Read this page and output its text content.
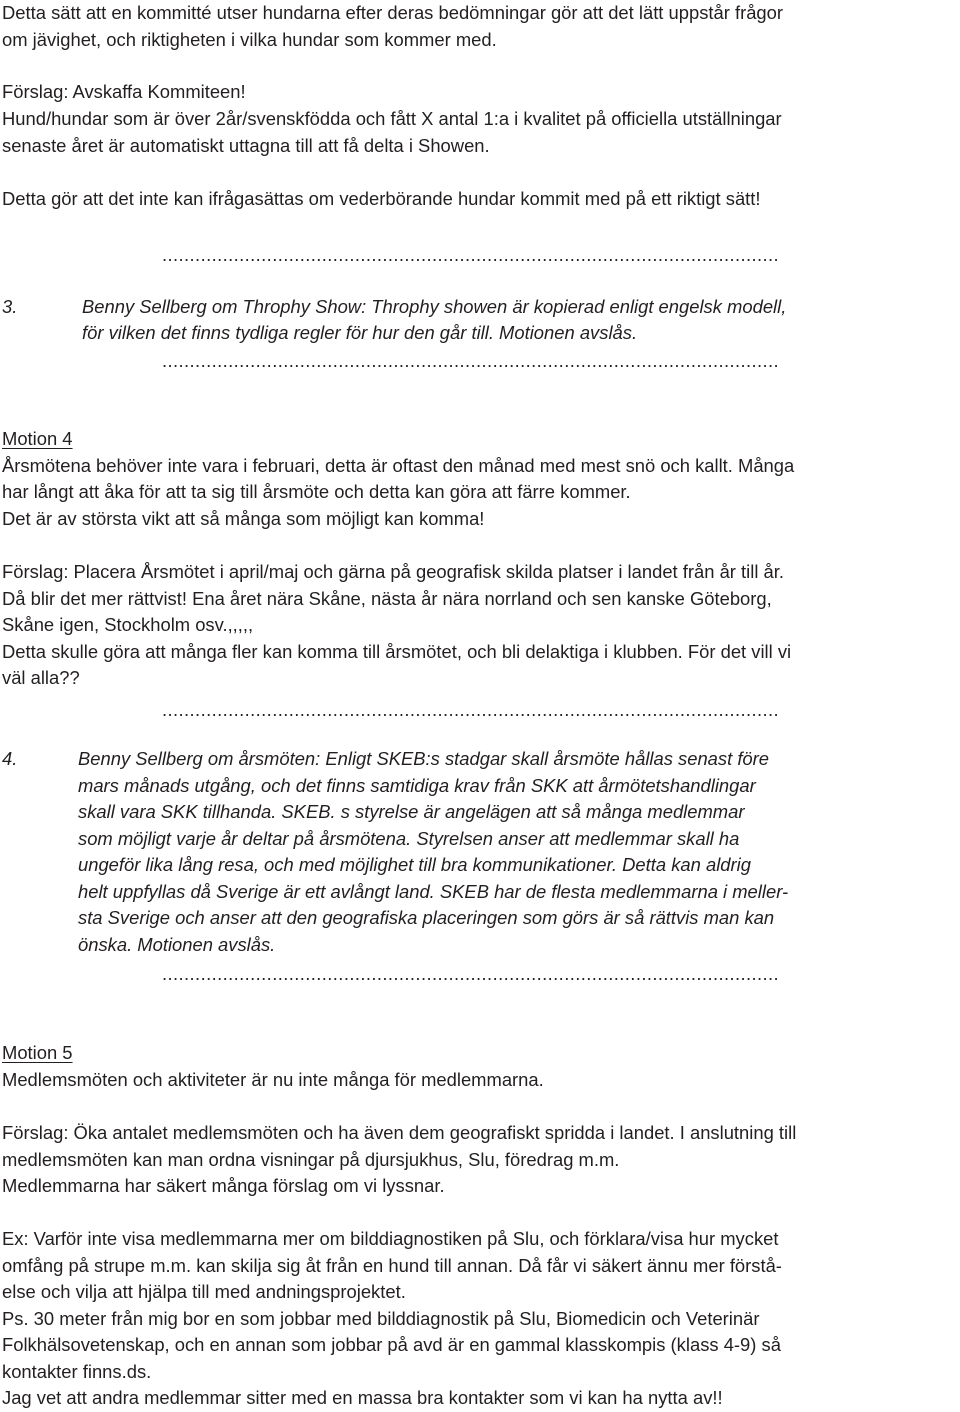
Detta sätt att en kommitté utser hundarna efter deras bedömningar gör att det lätt uppstår frågor
om jävighet, och riktigheten i vilka hundar som kommer med.
Förslag: Avskaffa Kommiteen!
Hund/hundar som är över 2år/svenskfödda och fått X antal 1:a i kvalitet på officiella utställningar
senaste året är automatiskt uttagna till att få delta i Showen.
Detta gör att det inte kan ifrågasättas om vederbörande hundar kommit med på ett riktigt sätt!
................................................................................................................
3.	Benny Sellberg om Throphy Show: Throphy showen är kopierad enligt engelsk modell,
för vilken det finns tydliga regler för hur den går till. Motionen avslås.
................................................................................................................
Motion 4
Årsmötena behöver inte vara i februari, detta är oftast den månad med mest snö och kallt. Många
har långt att åka för att ta sig till årsmöte och detta kan göra att färre kommer.
Det är av största vikt att så många som möjligt kan komma!
Förslag: Placera Årsmötet i april/maj och gärna på geografisk skilda platser i landet från år till år.
Då blir det mer rättvist! Ena året nära Skåne, nästa år nära norrland och sen kanske Göteborg,
Skåne igen, Stockholm osv.,,,,,
Detta skulle göra att många fler kan komma till årsmötet, och bli delaktiga i klubben. För det vill vi
väl alla??
................................................................................................................
4.	Benny Sellberg om årsmöten: Enligt SKEB:s stadgar skall årsmöte hållas senast före
mars månads utgång, och det finns samtidiga krav från SKK att årmötetshandlingar
skall vara SKK tillhanda. SKEB. s styrelse är angelägen att så många medlemmar
som möjligt varje år deltar på årsmötena. Styrelsen anser att medlemmar skall ha
ungeför lika lång resa, och med möjlighet till bra kommunikationer. Detta kan aldrig
helt uppfyllas då Sverige är ett avlångt land. SKEB har de flesta medlemmarna i meller-
sta Sverige och anser att den geografiska placeringen som görs är så rättvis man kan
önska. Motionen avslås.
................................................................................................................
Motion 5
Medlemsmöten och aktiviteter är nu inte många för medlemmarna.
Förslag: Öka antalet medlemsmöten och ha även dem geografiskt spridda i landet. I anslutning till
medlemsmöten kan man ordna visningar på djursjukhus, Slu, föredrag m.m.
Medlemmarna har säkert många förslag om vi lyssnar.
Ex: Varför inte visa medlemmarna mer om bilddiagnostiken på Slu, och förklara/visa hur mycket
omfång på strupe m.m. kan skilja sig åt från en hund till annan. Då får vi säkert ännu mer förstå-
else och vilja att hjälpa till med andningsprojektet.
Ps. 30 meter från mig bor en som jobbar med bilddiagnostik på Slu, Biomedicin och Veterinär
Folkhälsovetenskap, och en annan som jobbar på avd är en gammal klasskompis (klass 4-9) så
kontakter finns.ds.
Jag vet att andra medlemmar sitter med en massa bra kontakter som vi kan ha nytta av!!
